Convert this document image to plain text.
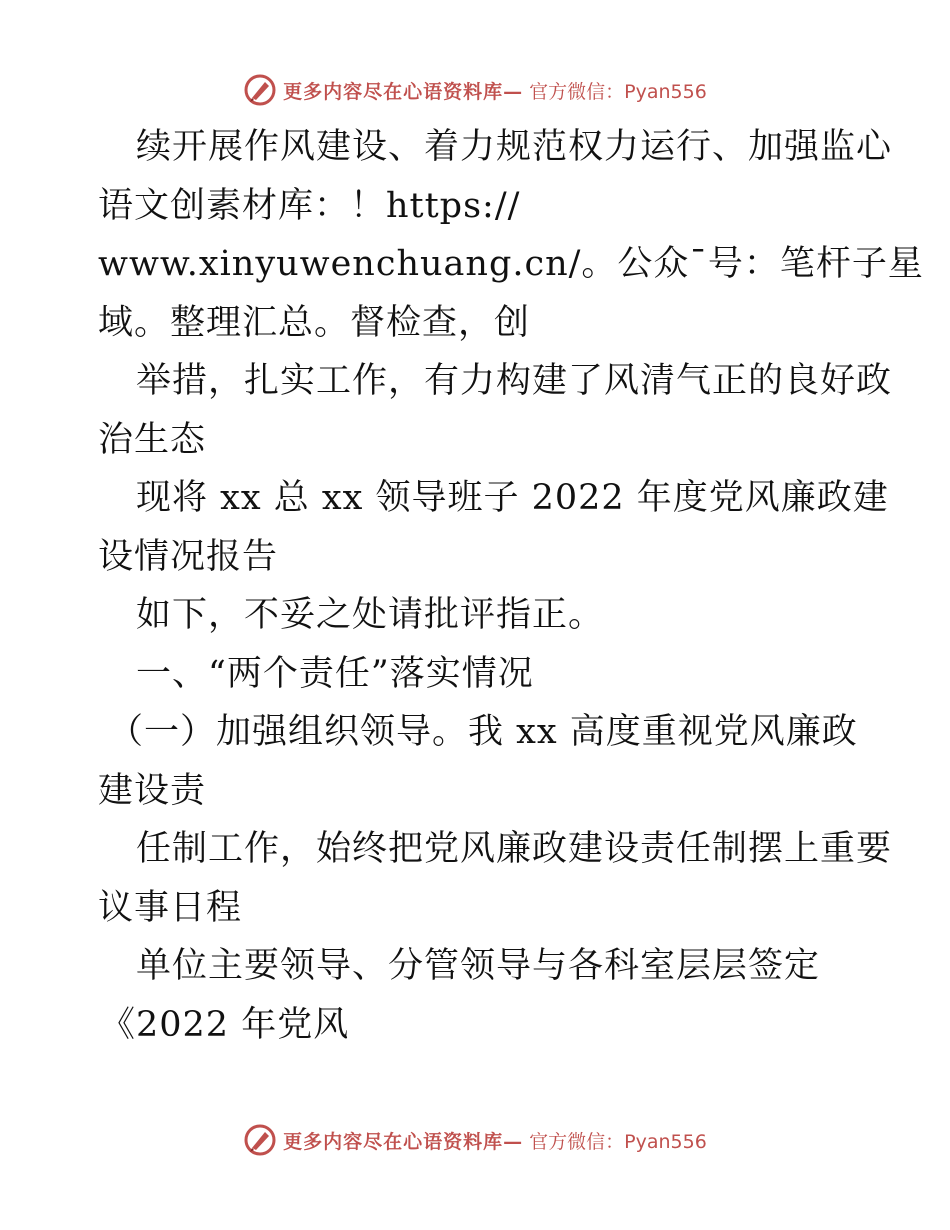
更多内容尽在心语资料库— 官方微信：Pyan556
续开展作风建设、着力规范权力运行、加强监心
语文创素材库：！https://
www.xinyuwenchuang.cn/。公众¯号：笔杆子星
域。整理汇总。督检查，创
举措，扎实工作，有力构建了风清气正的良好政
治生态
现将 xx 总 xx 领导班子 2022 年度党风廉政建
设情况报告
如下，不妥之处请批评指正。
一、“两个责任”落实情况
（一）加强组织领导。我 xx 高度重视党风廉政
建设责
任制工作，始终把党风廉政建设责任制摆上重要
议事日程
单位主要领导、分管领导与各科室层层签定
《2022 年党风
更多内容尽在心语资料库— 官方微信：Pyan556
